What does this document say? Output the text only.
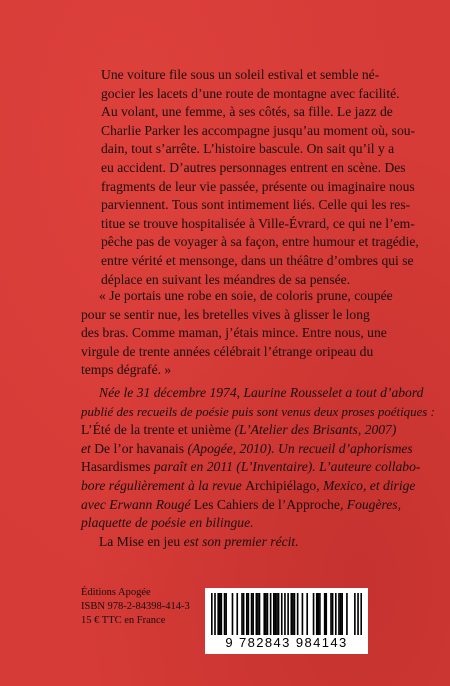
Une voiture file sous un soleil estival et semble né-
gocier les lacets d’une route de montagne avec facilité.
Au volant, une femme, à ses côtés, sa fille. Le jazz de
Charlie Parker les accompagne jusqu’au moment où, sou-
dain, tout s’arrête. L’histoire bascule. On sait qu’il y a
eu accident. D’autres personnages entrent en scène. Des
fragments de leur vie passée, présente ou imaginaire nous
parviennent. Tous sont intimement liés. Celle qui les res-
titue se trouve hospitalisée à Ville-Évrard, ce qui ne l’em-
pêche pas de voyager à sa façon, entre humour et tragédie,
entre vérité et mensonge, dans un théâtre d’ombres qui se
déplace en suivant les méandres de sa pensée.

« Je portais une robe en soie, de coloris prune, coupée
pour se sentir nue, les bretelles vives à glisser le long
des bras. Comme maman, j’étais mince. Entre nous, une
virgule de trente années célébrait l’étrange oripeau du
temps dégrafé. »

Née le 31 décembre 1974, Laurine Rousselet a tout d’abord
publié des recueils de poésie puis sont venus deux proses poétiques :
L’Été de la trente et unième (L’Atelier des Brisants, 2007)
et De l’or havanais (Apogée, 2010). Un recueil d’aphorismes
Hasardismes paraît en 2011 (L’Inventaire). L’auteure collabo-
bore régulièrement à la revue Archipiélago, Mexico, et dirige
avec Erwann Rougé Les Cahiers de l’Approche, Fougères,
plaquette de poésie en bilingue.
La Mise en jeu est son premier récit.
Éditions Apogée
ISBN 978-2-84398-414-3
15 € TTC en France
9 782843 984143
